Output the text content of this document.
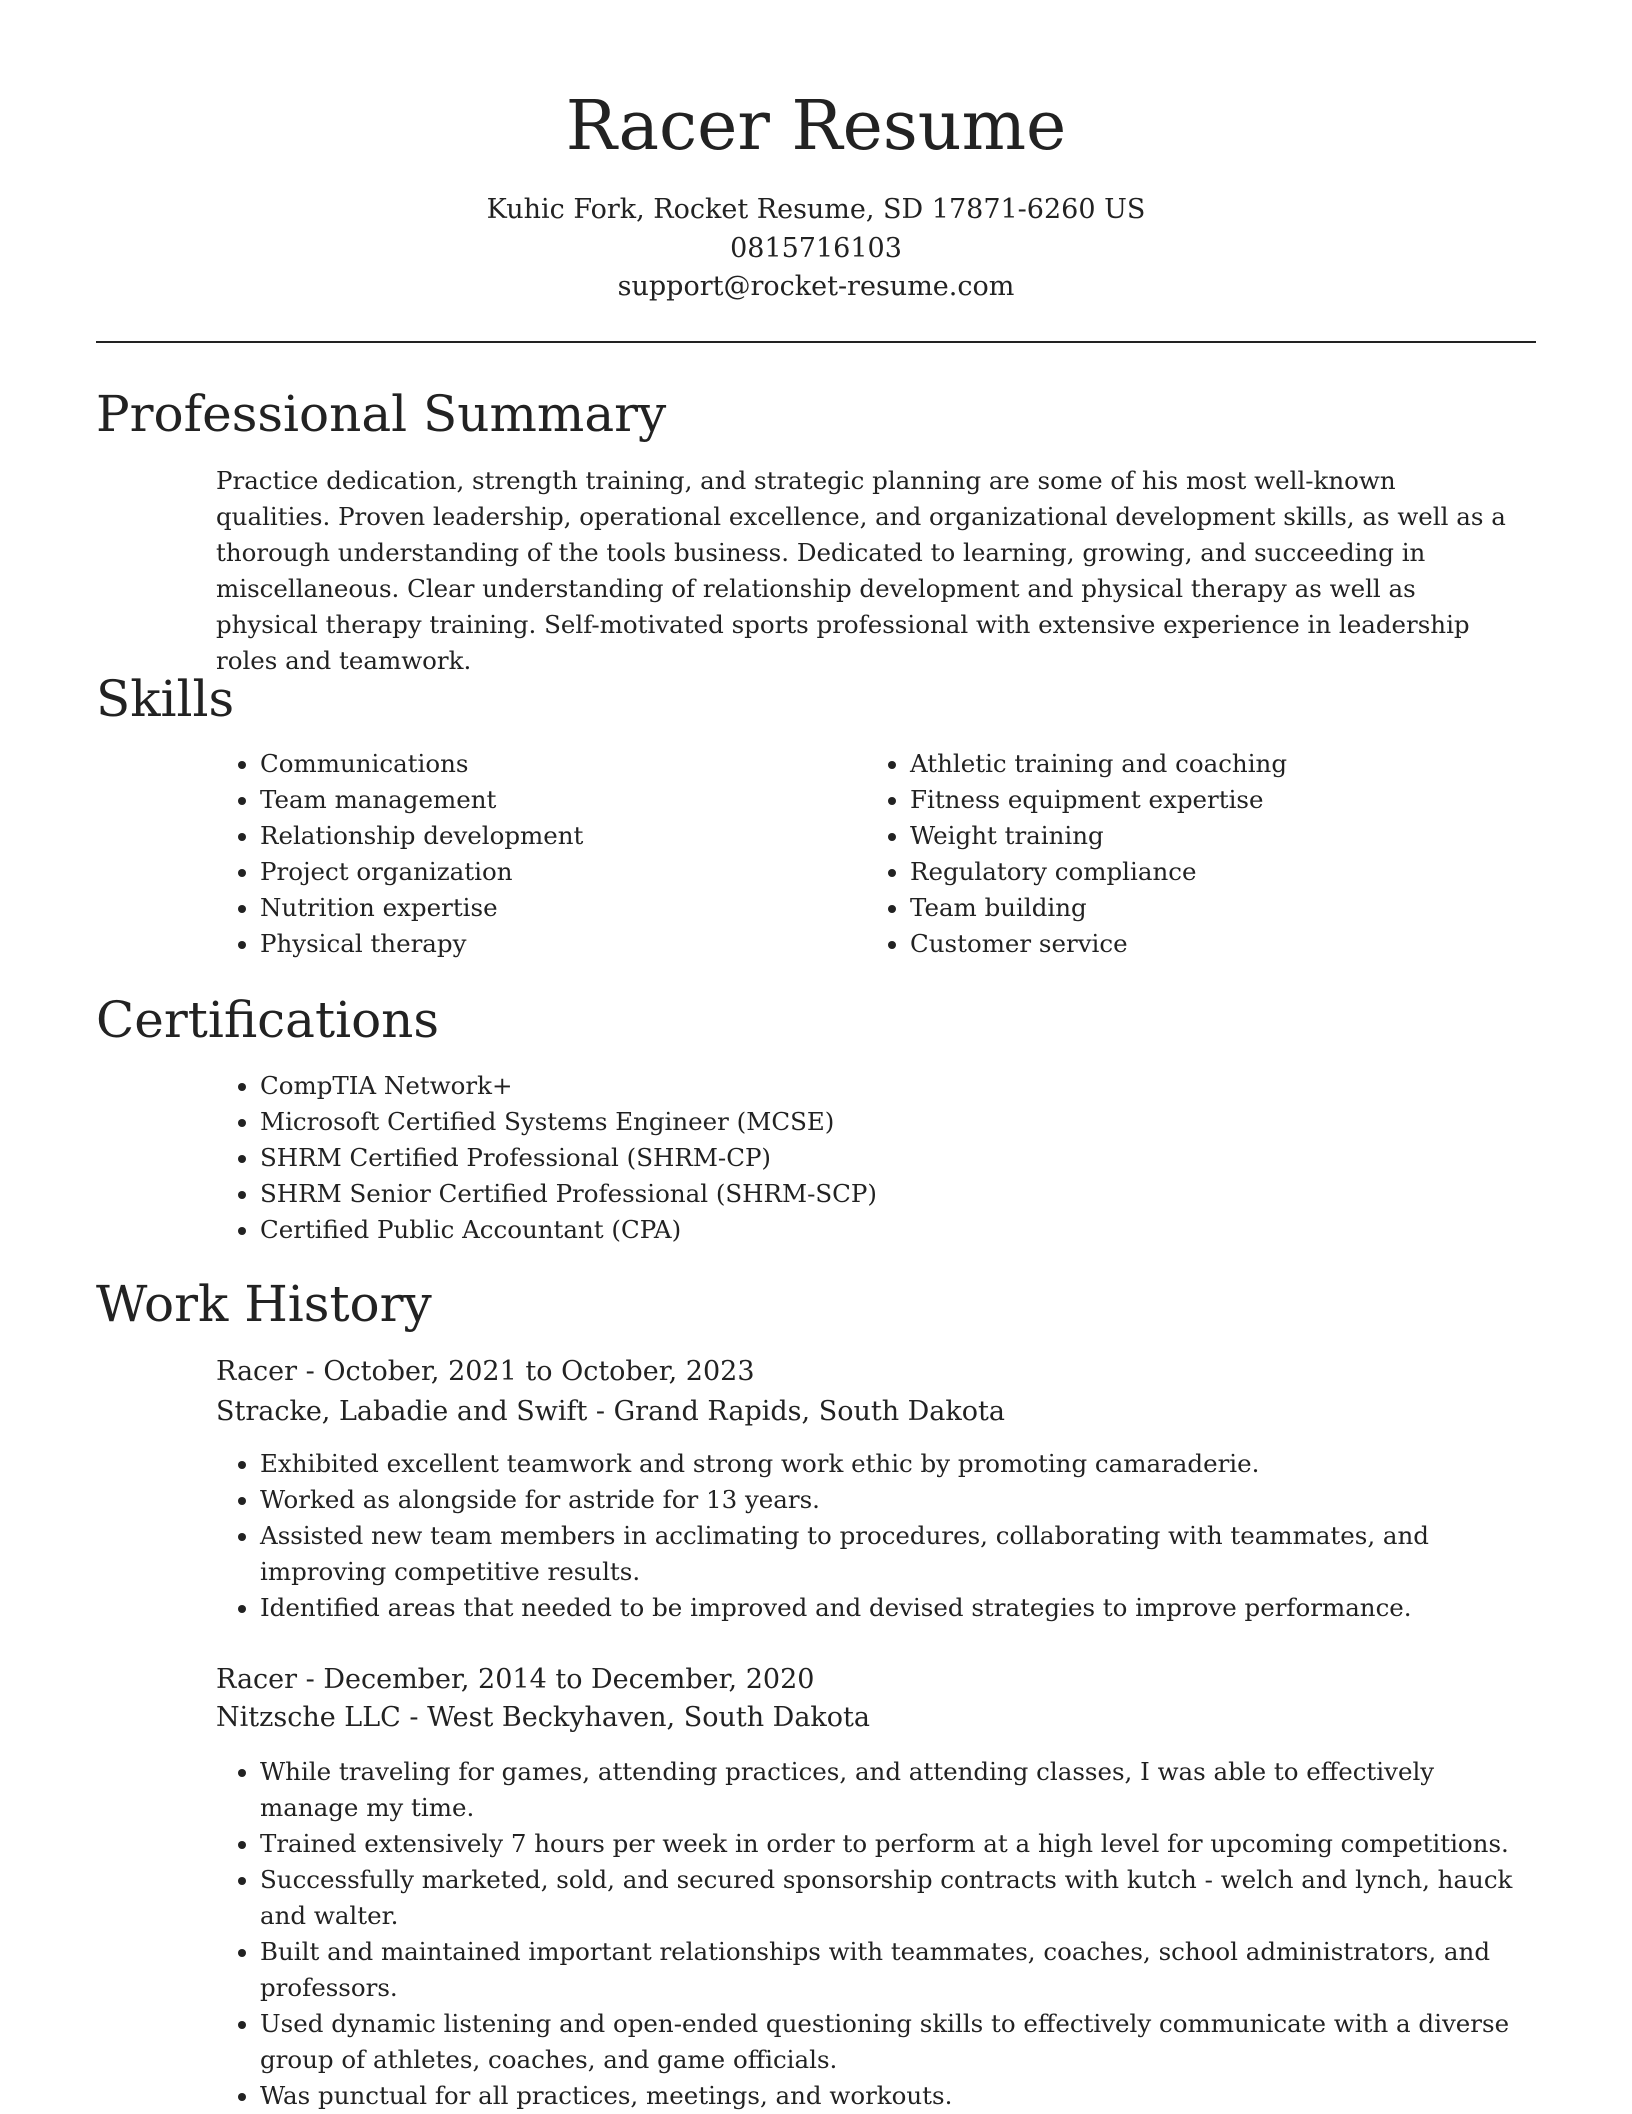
Racer Resume
Kuhic Fork, Rocket Resume, SD 17871-6260 US
0815716103
support@rocket-resume.com
Professional Summary
Practice dedication, strength training, and strategic planning are some of his most well-known qualities. Proven leadership, operational excellence, and organizational development skills, as well as a thorough understanding of the tools business. Dedicated to learning, growing, and succeeding in miscellaneous. Clear understanding of relationship development and physical therapy as well as physical therapy training. Self-motivated sports professional with extensive experience in leadership roles and teamwork.
Skills
• Communications
• Team management
• Relationship development
• Project organization
• Nutrition expertise
• Physical therapy
• Athletic training and coaching
• Fitness equipment expertise
• Weight training
• Regulatory compliance
• Team building
• Customer service
Certifications
• CompTIA Network+
• Microsoft Certified Systems Engineer (MCSE)
• SHRM Certified Professional (SHRM-CP)
• SHRM Senior Certified Professional (SHRM-SCP)
• Certified Public Accountant (CPA)
Work History
Racer - October, 2021 to October, 2023
Stracke, Labadie and Swift - Grand Rapids, South Dakota
• Exhibited excellent teamwork and strong work ethic by promoting camaraderie.
• Worked as alongside for astride for 13 years.
• Assisted new team members in acclimating to procedures, collaborating with teammates, and improving competitive results.
• Identified areas that needed to be improved and devised strategies to improve performance.
Racer - December, 2014 to December, 2020
Nitzsche LLC - West Beckyhaven, South Dakota
• While traveling for games, attending practices, and attending classes, I was able to effectively manage my time.
• Trained extensively 7 hours per week in order to perform at a high level for upcoming competitions.
• Successfully marketed, sold, and secured sponsorship contracts with kutch - welch and lynch, hauck and walter.
• Built and maintained important relationships with teammates, coaches, school administrators, and professors.
• Used dynamic listening and open-ended questioning skills to effectively communicate with a diverse group of athletes, coaches, and game officials.
• Was punctual for all practices, meetings, and workouts.
